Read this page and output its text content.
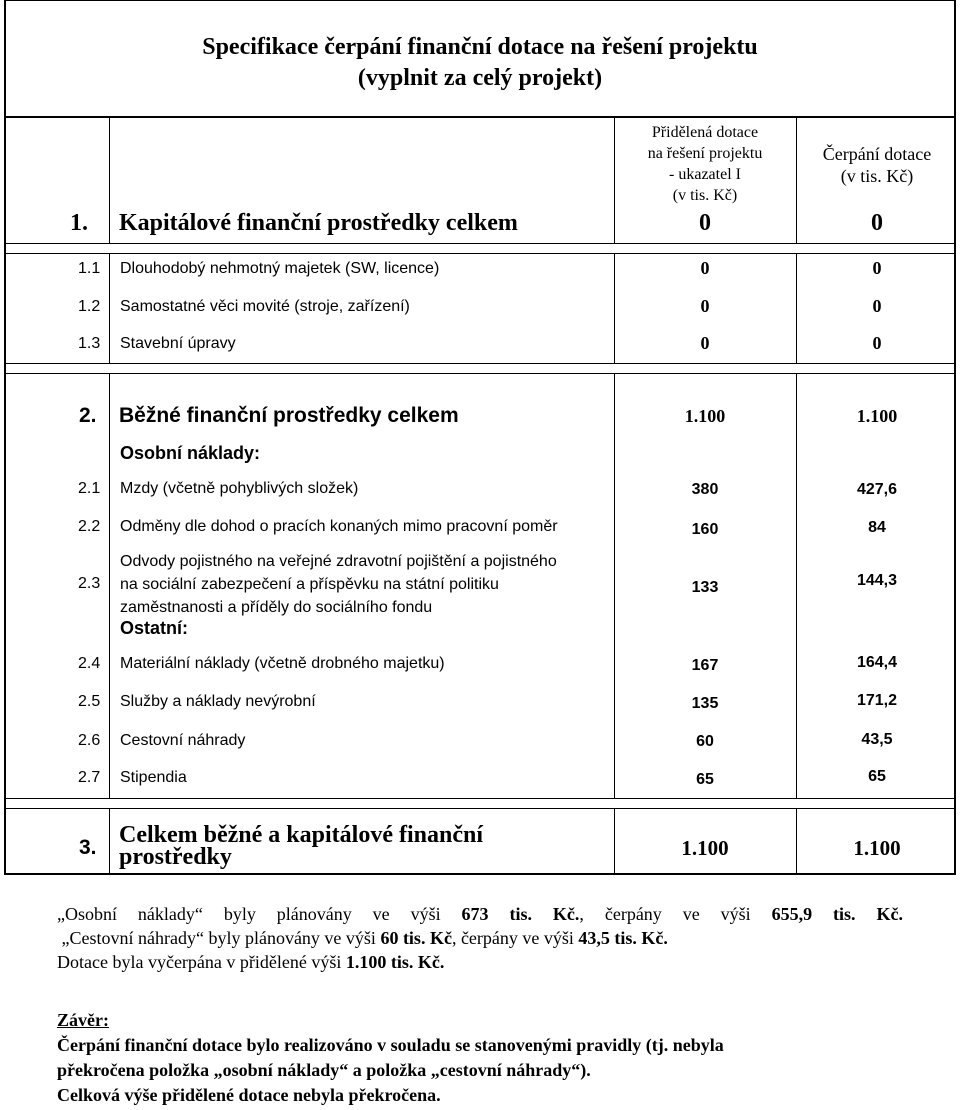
Specifikace čerpání finanční dotace na řešení projektu
(vyplnit za celý projekt)
Přidělená dotace
na řešení projektu
- ukazatel I
(v tis. Kč)
Čerpání dotace
(v tis. Kč)
1. Kapitálové finanční prostředky celkem	0	0
1.1 Dlouhodobý nehmotný majetek (SW, licence)	0	0
1.2 Samostatné věci movité (stroje, zařízení)	0	0
1.3 Stavební úpravy	0	0
2. Běžné finanční prostředky celkem	1.100	1.100
Osobní náklady:
2.1 Mzdy (včetně pohyblivých složek)	380	427,6
2.2 Odměny dle dohod o pracích konaných mimo pracovní poměr	160	84
2.3
Odvody pojistného na veřejné zdravotní pojištění a pojistného
na sociální zabezpečení a příspěvku na státní politiku
zaměstnanosti a příděly do sociálního fondu
133	144,3
Ostatní:
2.4 Materiální náklady (včetně drobného majetku)	167	164,4
2.5 Služby a náklady nevýrobní	135	171,2
2.6 Cestovní náhrady	60	43,5
2.7 Stipendia	65	65
3. Celkem běžné a kapitálové finanční
prostředky	1.100	1.100
„Osobní náklady“ byly plánovány ve výši 673 tis. Kč., čerpány ve výši 655,9 tis. Kč.
„Cestovní náhrady“ byly plánovány ve výši 60 tis. Kč, čerpány ve výši 43,5 tis. Kč.
Dotace byla vyčerpána v přidělené výši 1.100 tis. Kč.
Závěr:
Čerpání finanční dotace bylo realizováno v souladu se stanovenými pravidly (tj. nebyla
překročena položka „osobní náklady“ a položka „cestovní náhrady“).
Celková výše přidělené dotace nebyla překročena.
